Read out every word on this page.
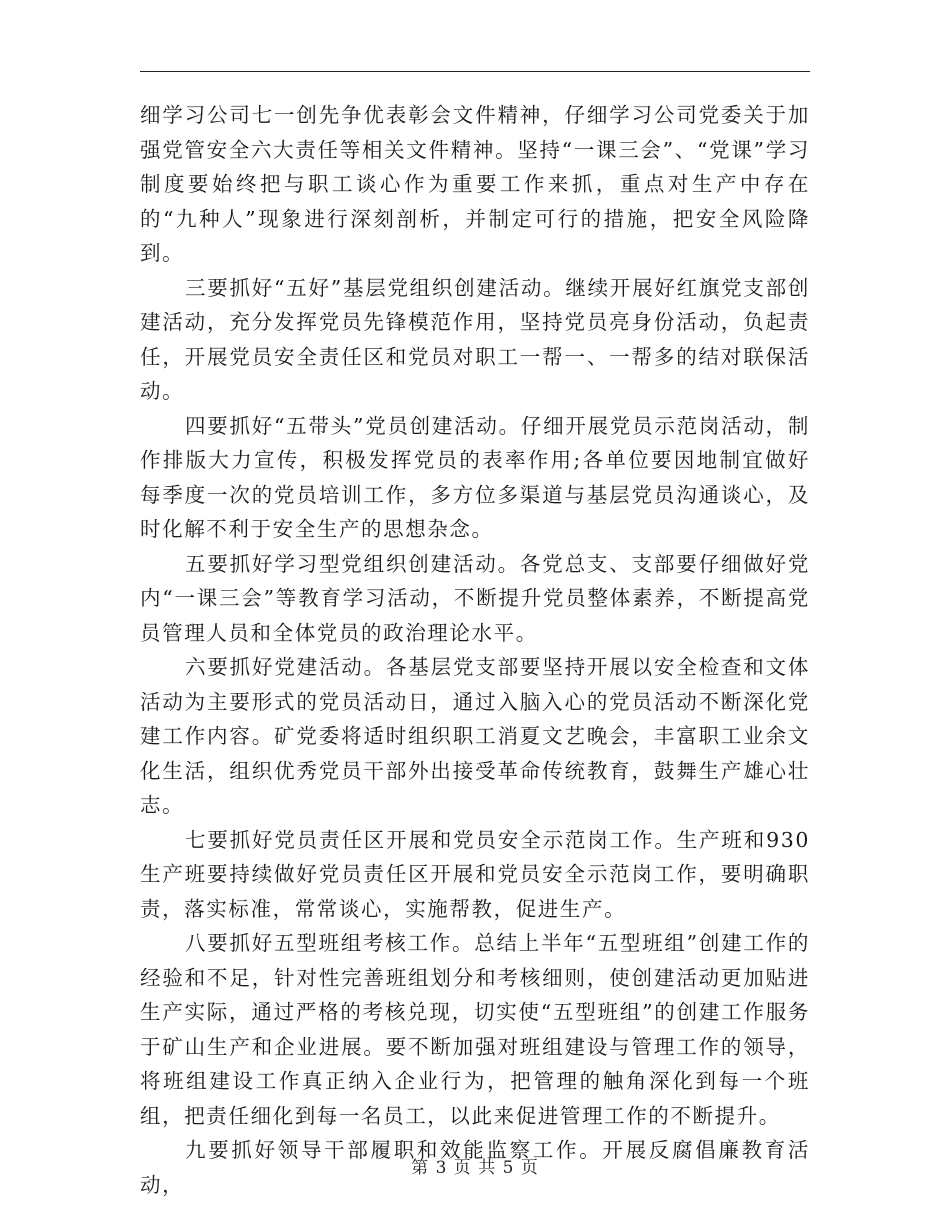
细学习公司七一创先争优表彰会文件精神，仔细学习公司党委关于加强党管安全六大责任等相关文件精神。坚持“一课三会”、“党课”学习制度要始终把与职工谈心作为重要工作来抓，重点对生产中存在的“九种人”现象进行深刻剖析，并制定可行的措施，把安全风险降到。

三要抓好“五好”基层党组织创建活动。继续开展好红旗党支部创建活动，充分发挥党员先锋模范作用，坚持党员亮身份活动，负起责任，开展党员安全责任区和党员对职工一帮一、一帮多的结对联保活动。

四要抓好“五带头”党员创建活动。仔细开展党员示范岗活动，制作排版大力宣传，积极发挥党员的表率作用;各单位要因地制宜做好每季度一次的党员培训工作，多方位多渠道与基层党员沟通谈心，及时化解不利于安全生产的思想杂念。

五要抓好学习型党组织创建活动。各党总支、支部要仔细做好党内“一课三会”等教育学习活动，不断提升党员整体素养，不断提高党员管理人员和全体党员的政治理论水平。

六要抓好党建活动。各基层党支部要坚持开展以安全检查和文体活动为主要形式的党员活动日，通过入脑入心的党员活动不断深化党建工作内容。矿党委将适时组织职工消夏文艺晚会，丰富职工业余文化生活，组织优秀党员干部外出接受革命传统教育，鼓舞生产雄心壮志。

七要抓好党员责任区开展和党员安全示范岗工作。生产班和930生产班要持续做好党员责任区开展和党员安全示范岗工作，要明确职责，落实标准，常常谈心，实施帮教，促进生产。

八要抓好五型班组考核工作。总结上半年“五型班组”创建工作的经验和不足，针对性完善班组划分和考核细则，使创建活动更加贴进生产实际，通过严格的考核兑现，切实使“五型班组”的创建工作服务于矿山生产和企业进展。要不断加强对班组建设与管理工作的领导，将班组建设工作真正纳入企业行为，把管理的触角深化到每一个班组，把责任细化到每一名员工，以此来促进管理工作的不断提升。

九要抓好领导干部履职和效能监察工作。开展反腐倡廉教育活动，

第 3 页 共 5 页
